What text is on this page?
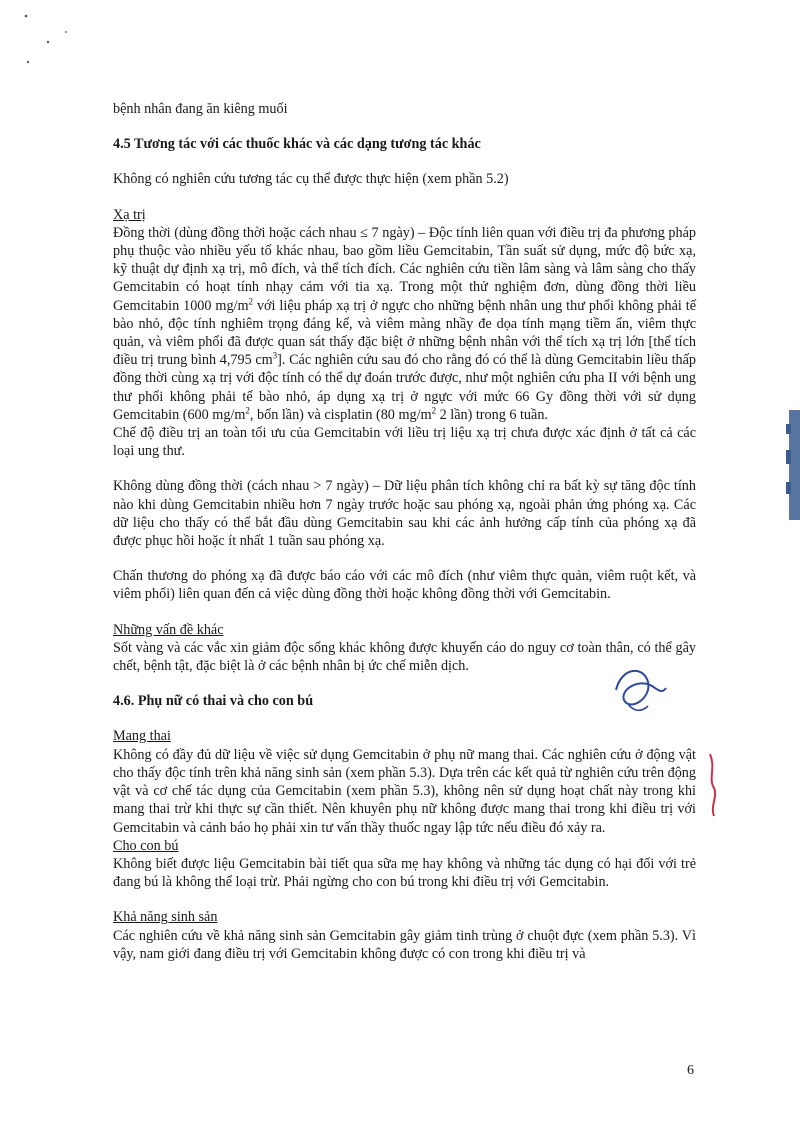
bệnh nhân đang ăn kiêng muối

4.5 Tương tác với các thuốc khác và các dạng tương tác khác

Không có nghiên cứu tương tác cụ thể được thực hiện (xem phần 5.2)

Xạ trị

Đồng thời (dùng đồng thời hoặc cách nhau ≤ 7 ngày) – Độc tính liên quan với điều trị đa phương pháp phụ thuộc vào nhiều yếu tố khác nhau, bao gồm liều Gemcitabin, Tần suất sử dụng, mức độ bức xạ, kỹ thuật dự định xạ trị, mô đích, và thể tích đích. Các nghiên cứu tiền lâm sàng và lâm sàng cho thấy Gemcitabin có hoạt tính nhạy cảm với tia xạ. Trong một thử nghiệm đơn, dùng đồng thời liều Gemcitabin 1000 $mg/m^2$ với liệu pháp xạ trị ở ngực cho những bệnh nhân ung thư phổi không phải tế bào nhỏ, độc tính nghiêm trọng đáng kể, và viêm màng nhầy đe dọa tính mạng tiềm ẩn, viêm thực quản, và viêm phổi đã được quan sát thấy đặc biệt ở những bệnh nhân với thể tích xạ trị lớn [thể tích điều trị trung bình 4,795 $cm^3$]. Các nghiên cứu sau đó cho rằng đó có thể là dùng Gemcitabin liều thấp đồng thời cùng xạ trị với độc tính có thể dự đoán trước được, như một nghiên cứu pha II với bệnh ung thư phổi không phải tế bào nhỏ, áp dụng xạ trị ở ngực với mức 66 Gy đồng thời với sử dụng Gemcitabin (600 $mg/m^2$, bốn lần) và cisplatin (80 $mg/m^2$ 2 lần) trong 6 tuần.

Chế độ điều trị an toàn tối ưu của Gemcitabin với liều trị liệu xạ trị chưa được xác định ở tất cả các loại ung thư.

Không dùng đồng thời (cách nhau > 7 ngày) – Dữ liệu phân tích không chỉ ra bất kỳ sự tăng độc tính nào khi dùng Gemcitabin nhiều hơn 7 ngày trước hoặc sau phóng xạ, ngoài phản ứng phóng xạ. Các dữ liệu cho thấy có thể bắt đầu dùng Gemcitabin sau khi các ảnh hưởng cấp tính của phóng xạ đã được phục hồi hoặc ít nhất 1 tuần sau phóng xạ.

Chấn thương do phóng xạ đã được báo cáo với các mô đích (như viêm thực quản, viêm ruột kết, và viêm phổi) liên quan đến cả việc dùng đồng thời hoặc không đồng thời với Gemcitabin.

Những vấn đề khác

Sốt vàng và các vắc xin giảm độc sống khác không được khuyến cáo do nguy cơ toàn thân, có thể gây chết, bệnh tật, đặc biệt là ở các bệnh nhân bị ức chế miễn dịch.

4.6. Phụ nữ có thai và cho con bú

Mang thai

Không có đầy đủ dữ liệu về việc sử dụng Gemcitabin ở phụ nữ mang thai. Các nghiên cứu ở động vật cho thấy độc tính trên khả năng sinh sản (xem phần 5.3). Dựa trên các kết quả từ nghiên cứu trên động vật và cơ chế tác dụng của Gemcitabin (xem phần 5.3), không nên sử dụng hoạt chất này trong khi mang thai trừ khi thực sự cần thiết. Nên khuyên phụ nữ không được mang thai trong khi điều trị với Gemcitabin và cảnh báo họ phải xin tư vấn thầy thuốc ngay lập tức nếu điều đó xảy ra.

Cho con bú

Không biết được liệu Gemcitabin bài tiết qua sữa mẹ hay không và những tác dụng có hại đối với trẻ đang bú là không thể loại trừ. Phải ngừng cho con bú trong khi điều trị với Gemcitabin.

Khả năng sinh sản

Các nghiên cứu về khả năng sinh sản Gemcitabin gây giảm tinh trùng ở chuột đực (xem phần 5.3). Vì vậy, nam giới đang điều trị với Gemcitabin không được có con trong khi điều trị và

6
